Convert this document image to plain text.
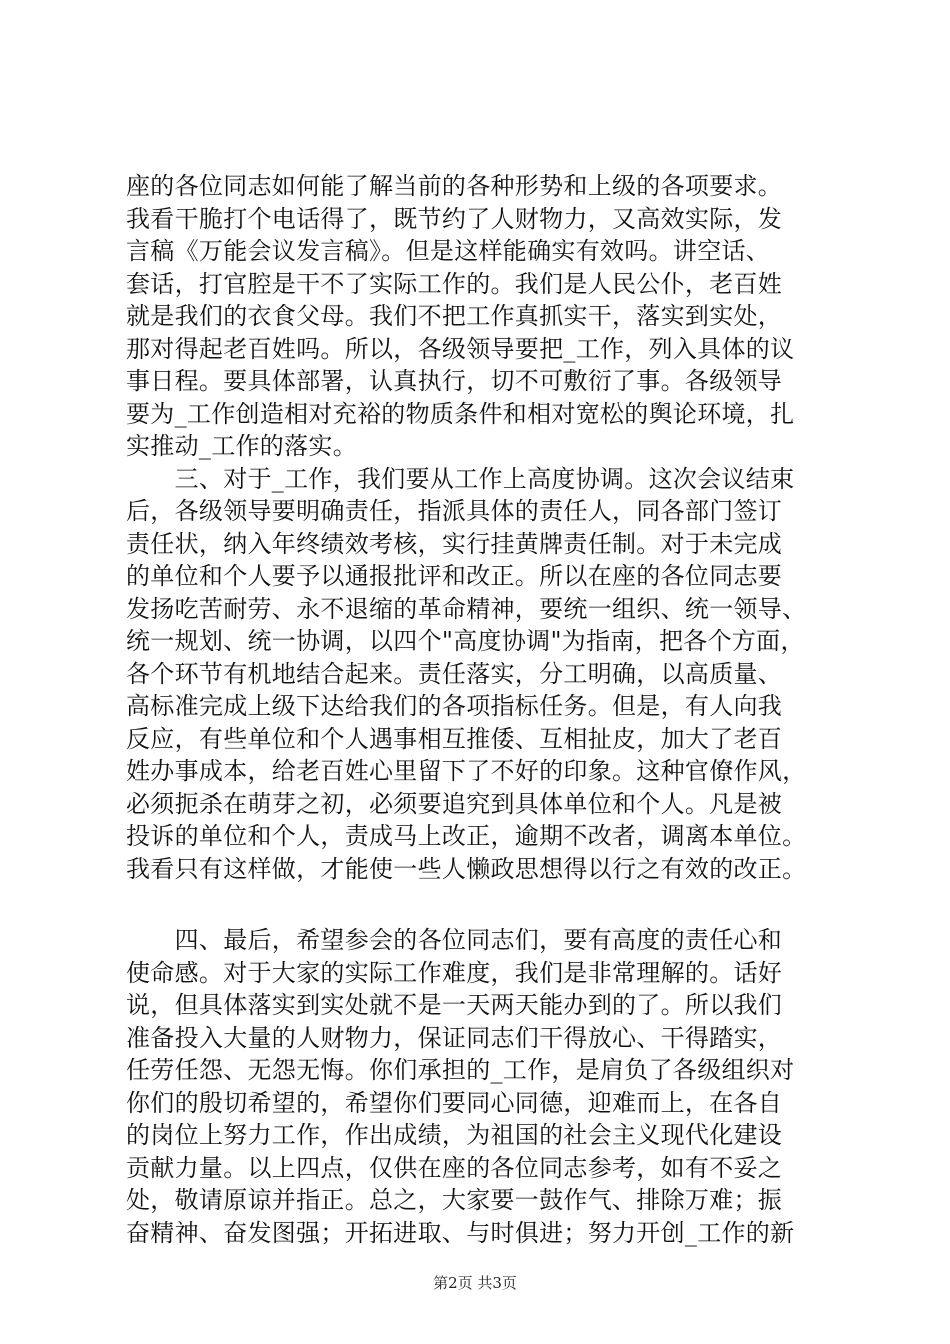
座的各位同志如何能了解当前的各种形势和上级的各项要求。
我看干脆打个电话得了，既节约了人财物力，又高效实际，发
言稿《万能会议发言稿》。但是这样能确实有效吗。讲空话、
套话，打官腔是干不了实际工作的。我们是人民公仆，老百姓
就是我们的衣食父母。我们不把工作真抓实干，落实到实处，
那对得起老百姓吗。所以，各级领导要把_工作，列入具体的议
事日程。要具体部署，认真执行，切不可敷衍了事。各级领导
要为_工作创造相对充裕的物质条件和相对宽松的舆论环境，扎
实推动_工作的落实。
　　三、对于_工作，我们要从工作上高度协调。这次会议结束
后，各级领导要明确责任，指派具体的责任人，同各部门签订
责任状，纳入年终绩效考核，实行挂黄牌责任制。对于未完成
的单位和个人要予以通报批评和改正。所以在座的各位同志要
发扬吃苦耐劳、永不退缩的革命精神，要统一组织、统一领导、
统一规划、统一协调，以四个"高度协调"为指南，把各个方面，
各个环节有机地结合起来。责任落实，分工明确，以高质量、
高标准完成上级下达给我们的各项指标任务。但是，有人向我
反应，有些单位和个人遇事相互推倭、互相扯皮，加大了老百
姓办事成本，给老百姓心里留下了不好的印象。这种官僚作风，
必须扼杀在萌芽之初，必须要追究到具体单位和个人。凡是被
投诉的单位和个人，责成马上改正，逾期不改者，调离本单位。
我看只有这样做，才能使一些人懒政思想得以行之有效的改正。
　　四、最后，希望参会的各位同志们，要有高度的责任心和
使命感。对于大家的实际工作难度，我们是非常理解的。话好
说，但具体落实到实处就不是一天两天能办到的了。所以我们
准备投入大量的人财物力，保证同志们干得放心、干得踏实，
任劳任怨、无怨无悔。你们承担的_工作，是肩负了各级组织对
你们的殷切希望的，希望你们要同心同德，迎难而上，在各自
的岗位上努力工作，作出成绩，为祖国的社会主义现代化建设
贡献力量。以上四点，仅供在座的各位同志参考，如有不妥之
处，敬请原谅并指正。总之，大家要一鼓作气、排除万难；振
奋精神、奋发图强；开拓进取、与时俱进；努力开创_工作的新
第2页 共3页
